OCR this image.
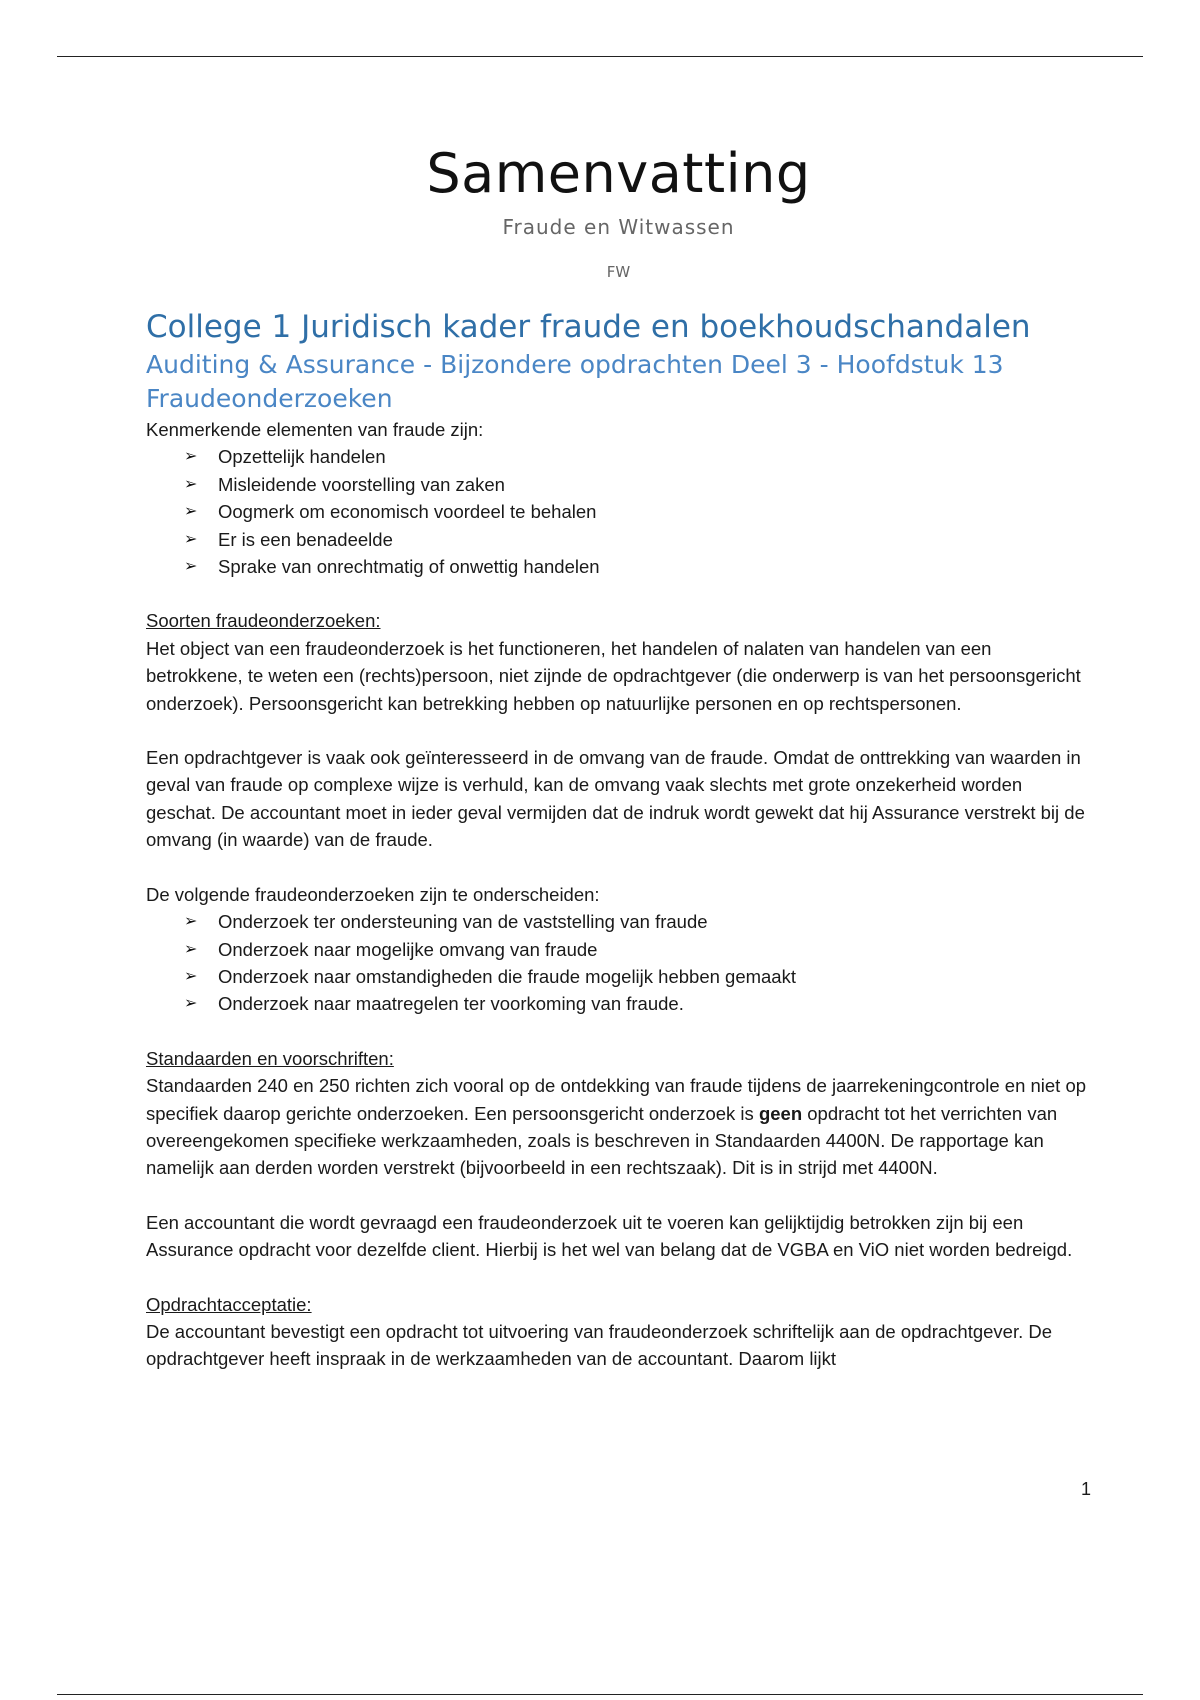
Samenvatting
Fraude en Witwassen
FW
College 1 Juridisch kader fraude en boekhoudschandalen
Auditing & Assurance - Bijzondere opdrachten Deel 3 - Hoofdstuk 13
Fraudeonderzoeken

Kenmerkende elementen van fraude zijn:

➢ Opzettelijk handelen
➢ Misleidende voorstelling van zaken
➢ Oogmerk om economisch voordeel te behalen
➢ Er is een benadeelde
➢ Sprake van onrechtmatig of onwettig handelen

Soorten fraudeonderzoeken:

Het object van een fraudeonderzoek is het functioneren, het handelen of nalaten van handelen van een betrokkene, te weten een (rechts)persoon, niet zijnde de opdrachtgever (die onderwerp is van het persoonsgericht onderzoek). Persoonsgericht kan betrekking hebben op natuurlijke personen en op rechtspersonen.

Een opdrachtgever is vaak ook geïnteresseerd in de omvang van de fraude. Omdat de onttrekking van waarden in geval van fraude op complexe wijze is verhuld, kan de omvang vaak slechts met grote onzekerheid worden geschat. De accountant moet in ieder geval vermijden dat de indruk wordt gewekt dat hij Assurance verstrekt bij de omvang (in waarde) van de fraude.

De volgende fraudeonderzoeken zijn te onderscheiden:

➢ Onderzoek ter ondersteuning van de vaststelling van fraude
➢ Onderzoek naar mogelijke omvang van fraude
➢ Onderzoek naar omstandigheden die fraude mogelijk hebben gemaakt
➢ Onderzoek naar maatregelen ter voorkoming van fraude.

Standaarden en voorschriften:

Standaarden 240 en 250 richten zich vooral op de ontdekking van fraude tijdens de jaarrekeningcontrole en niet op specifiek daarop gerichte onderzoeken. Een persoonsgericht onderzoek is geen opdracht tot het verrichten van overeengekomen specifieke werkzaamheden, zoals is beschreven in Standaarden 4400N. De rapportage kan namelijk aan derden worden verstrekt (bijvoorbeeld in een rechtszaak). Dit is in strijd met 4400N.

Een accountant die wordt gevraagd een fraudeonderzoek uit te voeren kan gelijktijdig betrokken zijn bij een Assurance opdracht voor dezelfde client. Hierbij is het wel van belang dat de VGBA en ViO niet worden bedreigd.

Opdrachtacceptatie:

De accountant bevestigt een opdracht tot uitvoering van fraudeonderzoek schriftelijk aan de opdrachtgever. De opdrachtgever heeft inspraak in de werkzaamheden van de accountant. Daarom lijkt

1
